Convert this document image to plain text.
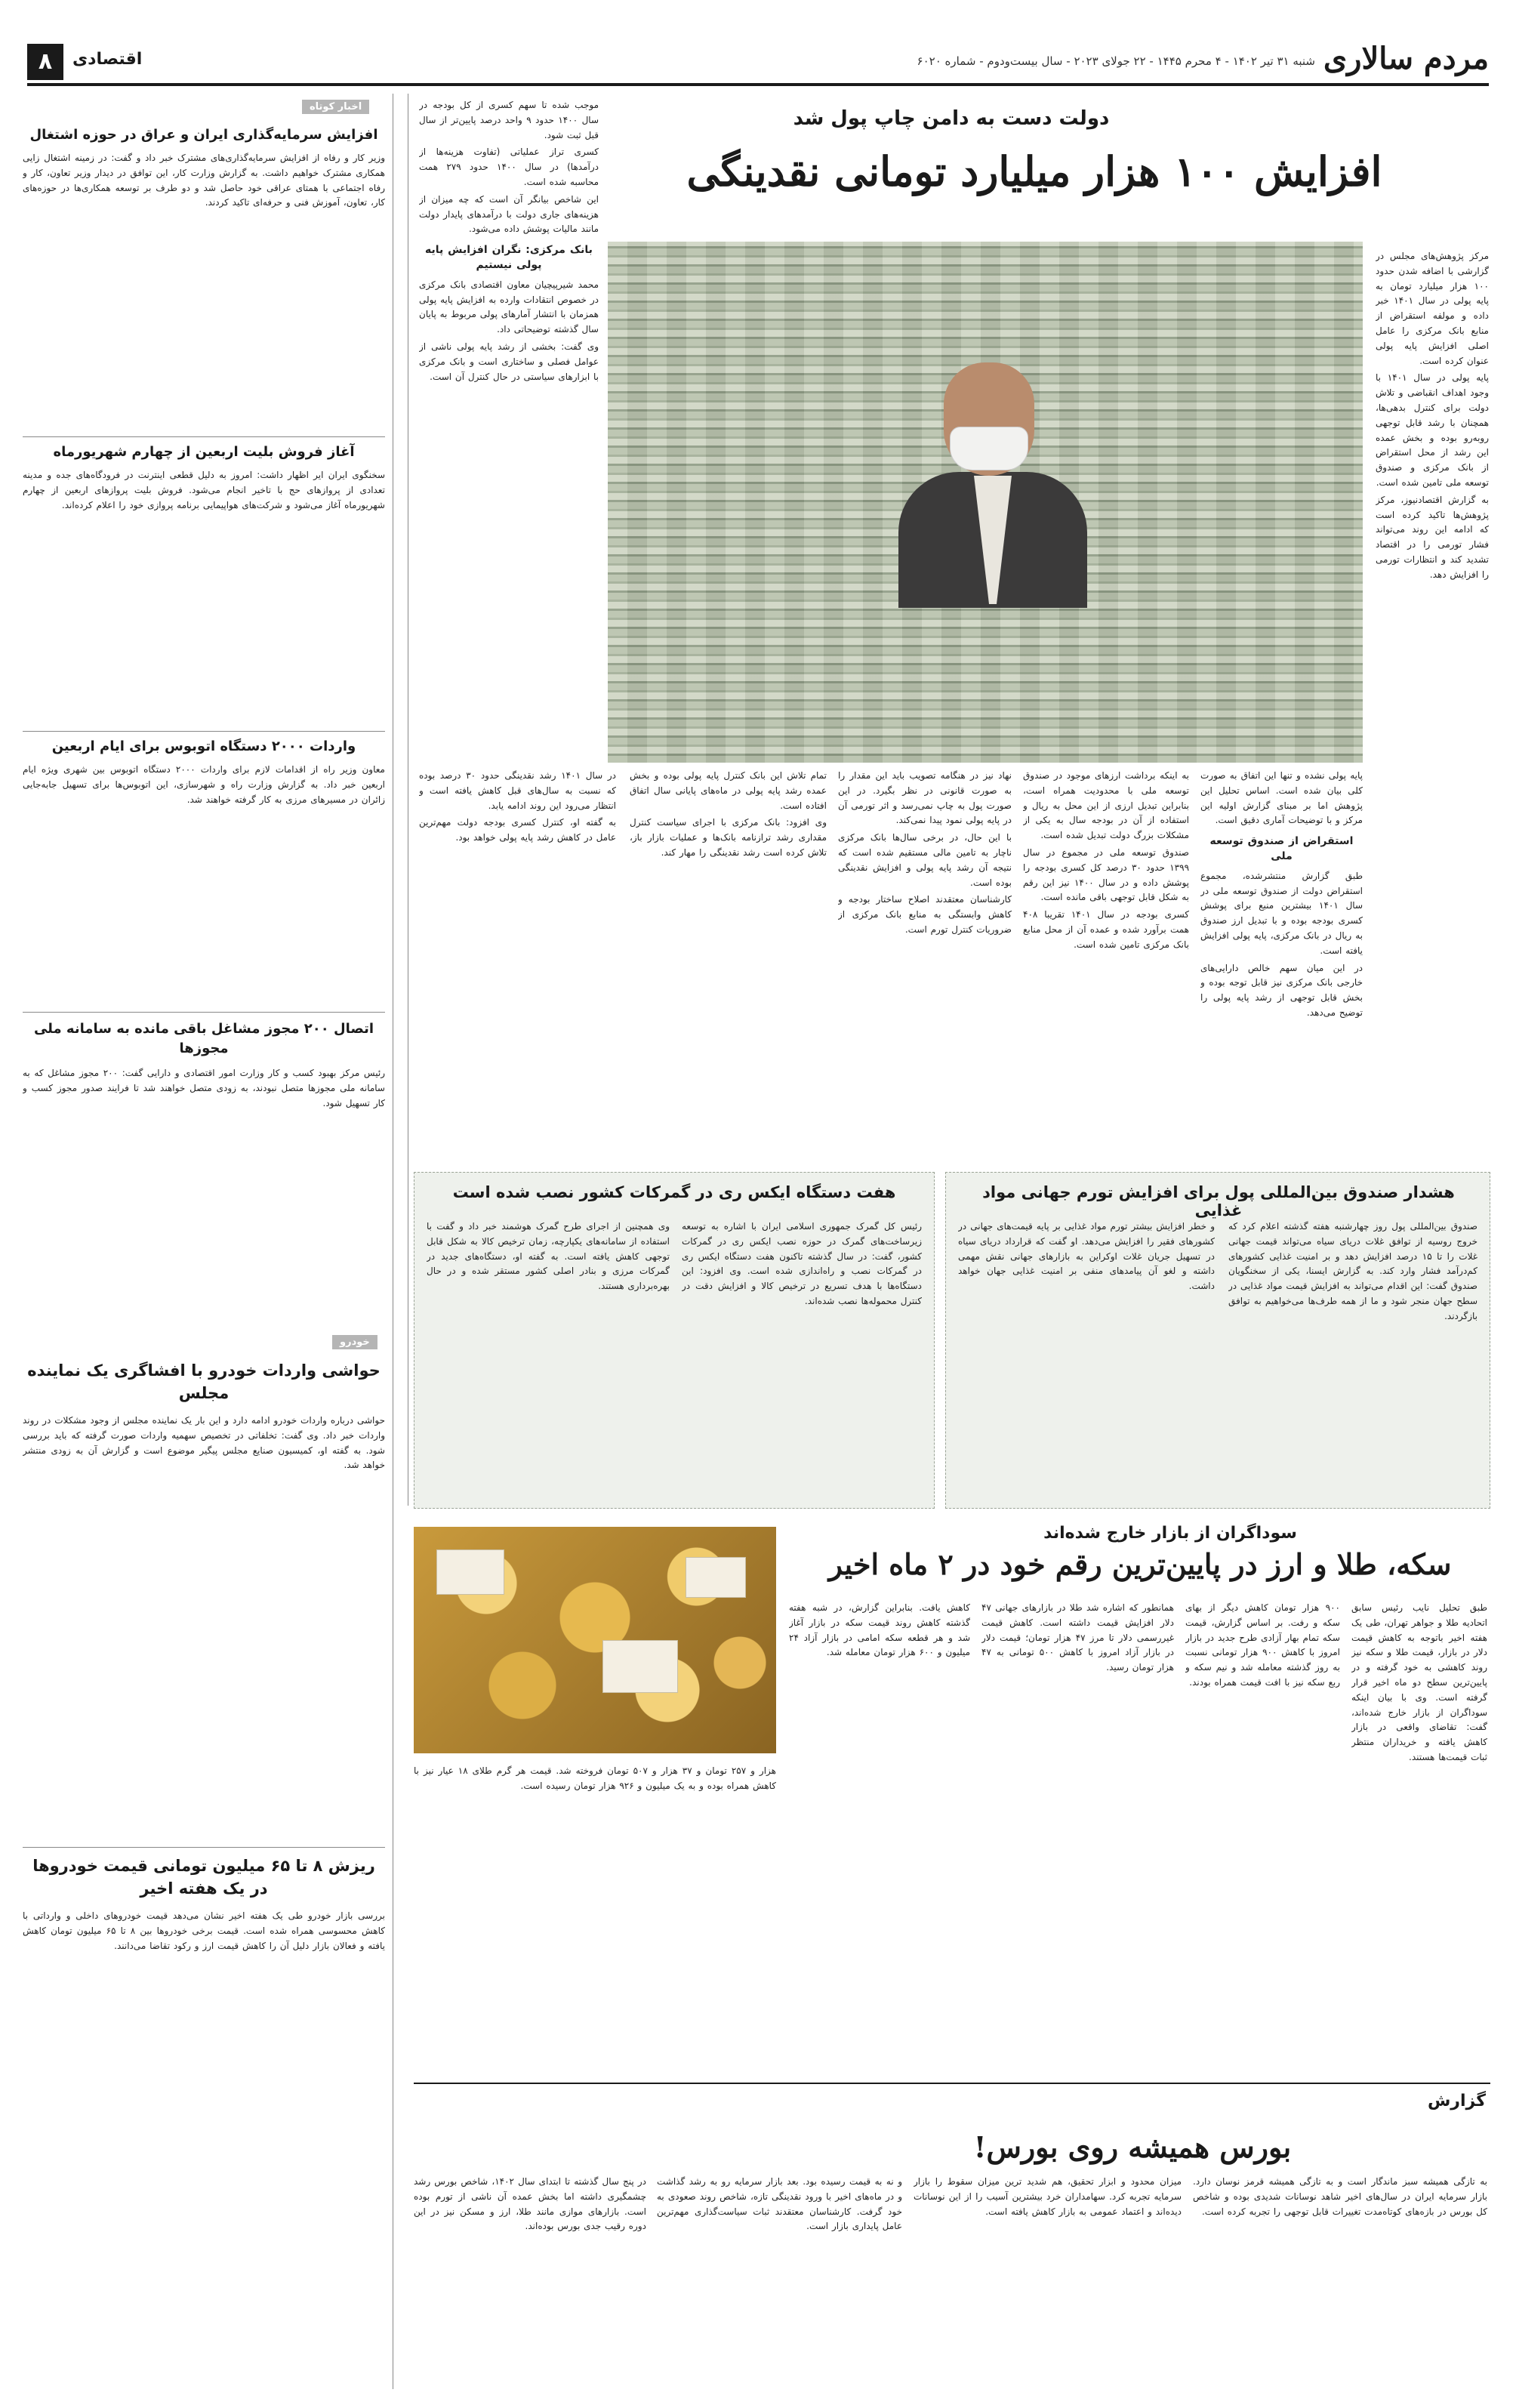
مردم سالاری
شنبه ۳۱ تیر ۱۴۰۲ - ۴ محرم ۱۴۴۵ - ۲۲ جولای ۲۰۲۳ - سال بیست‌ودوم - شماره ۶۰۲۰
اقتصادی
۸
دولت دست به دامن چاپ پول شد
افزایش ۱۰۰ هزار میلیارد تومانی نقدینگی

مرکز پژوهش‌های مجلس در گزارشی با اضافه شدن حدود ۱۰۰ هزار میلیارد تومان به پایه پولی در سال ۱۴۰۱ خبر داده و مولفه استقراض از منابع بانک مرکزی را عامل اصلی افزایش پایه پولی عنوان کرده است.

پایه پولی در سال ۱۴۰۱ با وجود اهداف انقباضی و تلاش دولت برای کنترل بدهی‌ها، همچنان با رشد قابل توجهی روبه‌رو بوده و بخش عمده این رشد از محل استقراض از بانک مرکزی و صندوق توسعه ملی تامین شده است.

به گزارش اقتصادنیوز، مرکز پژوهش‌ها تاکید کرده است که ادامه این روند می‌تواند فشار تورمی را در اقتصاد تشدید کند و انتظارات تورمی را افزایش دهد.

پایه پولی نشده و تنها این اتفاق به صورت کلی بیان شده است. اساس تحلیل این پژوهش اما بر مبنای گزارش اولیه این مرکز و با توضیحات آماری دقیق است.

استقراض از صندوق توسعه ملی

طبق گزارش منتشرشده، مجموع استقراض دولت از صندوق توسعه ملی در سال ۱۴۰۱ بیشترین منبع برای پوشش کسری بودجه بوده و با تبدیل ارز صندوق به ریال در بانک مرکزی، پایه پولی افزایش یافته است.

در این میان سهم خالص دارایی‌های خارجی بانک مرکزی نیز قابل توجه بوده و بخش قابل توجهی از رشد پایه پولی را توضیح می‌دهد.

به اینکه برداشت ارزهای موجود در صندوق توسعه ملی با محدودیت همراه است، بنابراین تبدیل ارزی از این محل به ریال و استفاده از آن در بودجه سال به یکی از مشکلات بزرگ دولت تبدیل شده است.

صندوق توسعه ملی در مجموع در سال ۱۳۹۹ حدود ۳۰ درصد کل کسری بودجه را پوشش داده و در سال ۱۴۰۰ نیز این رقم به شکل قابل توجهی باقی مانده است.

کسری بودجه در سال ۱۴۰۱ تقریبا ۴۰۸ همت برآورد شده و عمده آن از محل منابع بانک مرکزی تامین شده است.

نهاد نیز در هنگامه تصویب باید این مقدار را به صورت قانونی در نظر بگیرد. در این صورت پول به چاپ نمی‌رسد و اثر تورمی آن در پایه پولی نمود پیدا نمی‌کند.

با این حال، در برخی سال‌ها بانک مرکزی ناچار به تامین مالی مستقیم شده است که نتیجه آن رشد پایه پولی و افزایش نقدینگی بوده است.

کارشناسان معتقدند اصلاح ساختار بودجه و کاهش وابستگی به منابع بانک مرکزی از ضروریات کنترل تورم است.

موجب شده تا سهم کسری از کل بودجه در سال ۱۴۰۰ حدود ۹ واحد درصد پایین‌تر از سال قبل ثبت شود.

کسری تراز عملیاتی (تفاوت هزینه‌ها از درآمدها) در سال ۱۴۰۰ حدود ۲۷۹ همت محاسبه شده است.

این شاخص بیانگر آن است که چه میزان از هزینه‌های جاری دولت با درآمدهای پایدار دولت مانند مالیات پوشش داده می‌شود.

بانک مرکزی: نگران افزایش پایه پولی نیستیم

محمد شیرپیچیان معاون اقتصادی بانک مرکزی در خصوص انتقادات وارده به افزایش پایه پولی همزمان با انتشار آمارهای پولی مربوط به پایان سال گذشته توضیحاتی داد.

وی گفت: بخشی از رشد پایه پولی ناشی از عوامل فصلی و ساختاری است و بانک مرکزی با ابزارهای سیاستی در حال کنترل آن است.

تمام تلاش این بانک کنترل پایه پولی بوده و بخش عمده رشد پایه پولی در ماه‌های پایانی سال اتفاق افتاده است.

وی افزود: بانک مرکزی با اجرای سیاست کنترل مقداری رشد ترازنامه بانک‌ها و عملیات بازار باز، تلاش کرده است رشد نقدینگی را مهار کند.

در سال ۱۴۰۱ رشد نقدینگی حدود ۳۰ درصد بوده که نسبت به سال‌های قبل کاهش یافته است و انتظار می‌رود این روند ادامه یابد.

به گفته او، کنترل کسری بودجه دولت مهم‌ترین عامل در کاهش رشد پایه پولی خواهد بود.

هشدار صندوق بین‌المللی پول برای افزایش تورم جهانی مواد غذایی
صندوق بین‌المللی پول روز چهارشنبه هفته گذشته اعلام کرد که خروج روسیه از توافق غلات دریای سیاه می‌تواند قیمت جهانی غلات را تا ۱۵ درصد افزایش دهد و بر امنیت غذایی کشورهای کم‌درآمد فشار وارد کند. به گزارش ایسنا، یکی از سخنگویان صندوق گفت: این اقدام می‌تواند به افزایش قیمت مواد غذایی در سطح جهان منجر شود و ما از همه طرف‌ها می‌خواهیم به توافق بازگردند.
و خطر افزایش بیشتر تورم مواد غذایی بر پایه قیمت‌های جهانی در کشورهای فقیر را افزایش می‌دهد. او گفت که قرارداد دریای سیاه در تسهیل جریان غلات اوکراین به بازارهای جهانی نقش مهمی داشته و لغو آن پیامدهای منفی بر امنیت غذایی جهان خواهد داشت.
هفت دستگاه ایکس ری در گمرکات کشور نصب شده است
رئیس کل گمرک جمهوری اسلامی ایران با اشاره به توسعه زیرساخت‌های گمرک در حوزه نصب ایکس ری در گمرکات کشور، گفت: در سال گذشته تاکنون هفت دستگاه ایکس ری در گمرکات نصب و راه‌اندازی شده است. وی افزود: این دستگاه‌ها با هدف تسریع در ترخیص کالا و افزایش دقت در کنترل محموله‌ها نصب شده‌اند.
وی همچنین از اجرای طرح گمرک هوشمند خبر داد و گفت با استفاده از سامانه‌های یکپارچه، زمان ترخیص کالا به شکل قابل توجهی کاهش یافته است. به گفته او، دستگاه‌های جدید در گمرکات مرزی و بنادر اصلی کشور مستقر شده و در حال بهره‌برداری هستند.
سوداگران از بازار خارج شده‌اند
سکه، طلا و ارز در پایین‌ترین رقم خود در ۲ ماه اخیر
طبق تحلیل نایب رئیس سابق اتحادیه طلا و جواهر تهران، طی یک هفته اخیر باتوجه به کاهش قیمت دلار در بازار، قیمت طلا و سکه نیز روند کاهشی به خود گرفته و در پایین‌ترین سطح دو ماه اخیر قرار گرفته است. وی با بیان اینکه سوداگران از بازار خارج شده‌اند، گفت: تقاضای واقعی در بازار کاهش یافته و خریداران منتظر ثبات قیمت‌ها هستند.
۹۰۰ هزار تومان کاهش دیگر از بهای سکه و رفت. بر اساس گزارش، قیمت سکه تمام بهار آزادی طرح جدید در بازار امروز با کاهش ۹۰۰ هزار تومانی نسبت به روز گذشته معامله شد و نیم سکه و ربع سکه نیز با افت قیمت همراه بودند.
همانطور که اشاره شد طلا در بازارهای جهانی ۴۷ دلار افزایش قیمت داشته است. کاهش قیمت غیررسمی دلار تا مرز ۴۷ هزار تومان؛ قیمت دلار در بازار آزاد امروز با کاهش ۵۰۰ تومانی به ۴۷ هزار تومان رسید.
کاهش یافت. بنابراین گزارش، در شبه هفته گذشته کاهش روند قیمت سکه در بازار آغاز شد و هر قطعه سکه امامی در بازار آزاد ۲۴ میلیون و ۶۰۰ هزار تومان معامله شد.
هزار و ۲۵۷ تومان و ۳۷ هزار و ۵۰۷ تومان فروخته شد. قیمت هر گرم طلای ۱۸ عیار نیز با کاهش همراه بوده و به یک میلیون و ۹۲۶ هزار تومان رسیده است.
گزارش
بورس همیشه روی بورس!
به تازگی همیشه سبز ماندگار است و به تازگی همیشه قرمز نوسان دارد. بازار سرمایه ایران در سال‌های اخیر شاهد نوسانات شدیدی بوده و شاخص کل بورس در بازه‌های کوتاه‌مدت تغییرات قابل توجهی را تجربه کرده است.
میزان محدود و ابزار تحقیق، هم شدید ترین میزان سقوط را بازار سرمایه تجربه کرد. سهامداران خرد بیشترین آسیب را از این نوسانات دیده‌اند و اعتماد عمومی به بازار کاهش یافته است.
و نه به قیمت رسیده بود. بعد بازار سرمایه رو به رشد گذاشت و در ماه‌های اخیر با ورود نقدینگی تازه، شاخص روند صعودی به خود گرفت. کارشناسان معتقدند ثبات سیاست‌گذاری مهم‌ترین عامل پایداری بازار است.
در پنج سال گذشته تا ابتدای سال ۱۴۰۲، شاخص بورس رشد چشمگیری داشته اما بخش عمده آن ناشی از تورم بوده است. بازارهای موازی مانند طلا، ارز و مسکن نیز در این دوره رقیب جدی بورس بوده‌اند.
اخبار کوتاه
افزایش سرمایه‌گذاری ایران و عراق در حوزه اشتغال
وزیر کار و رفاه از افزایش سرمایه‌گذاری‌های مشترک خبر داد و گفت: در زمینه اشتغال زایی همکاری مشترک خواهیم داشت. به گزارش وزارت کار، این توافق در دیدار وزیر تعاون، کار و رفاه اجتماعی با همتای عراقی خود حاصل شد و دو طرف بر توسعه همکاری‌ها در حوزه‌های کار، تعاون، آموزش فنی و حرفه‌ای تاکید کردند.
آغاز فروش بلیت اربعین از چهارم شهریورماه
سخنگوی ایران ایر اظهار داشت: امروز به دلیل قطعی اینترنت در فرودگاه‌های جده و مدینه تعدادی از پروازهای حج با تاخیر انجام می‌شود. فروش بلیت پروازهای اربعین از چهارم شهریورماه آغاز می‌شود و شرکت‌های هواپیمایی برنامه پروازی خود را اعلام کرده‌اند.
واردات ۲۰۰۰ دستگاه اتوبوس برای ایام اربعین
معاون وزیر راه از اقدامات لازم برای واردات ۲۰۰۰ دستگاه اتوبوس بین شهری ویژه ایام اربعین خبر داد. به گزارش وزارت راه و شهرسازی، این اتوبوس‌ها برای تسهیل جابه‌جایی زائران در مسیرهای مرزی به کار گرفته خواهند شد.
اتصال ۲۰۰ مجوز مشاغل باقی مانده به سامانه ملی مجوزها
رئیس مرکز بهبود کسب و کار وزارت امور اقتصادی و دارایی گفت: ۲۰۰ مجوز مشاغل که به سامانه ملی مجوزها متصل نبودند، به زودی متصل خواهند شد تا فرایند صدور مجوز کسب و کار تسهیل شود.
خودرو
حواشی واردات خودرو با افشاگری یک نماینده مجلس
حواشی درباره واردات خودرو ادامه دارد و این بار یک نماینده مجلس از وجود مشکلات در روند واردات خبر داد. وی گفت: تخلفاتی در تخصیص سهمیه واردات صورت گرفته که باید بررسی شود. به گفته او، کمیسیون صنایع مجلس پیگیر موضوع است و گزارش آن به زودی منتشر خواهد شد.
ریزش ۸ تا ۶۵ میلیون تومانی قیمت خودروها در یک هفته اخیر
بررسی بازار خودرو طی یک هفته اخیر نشان می‌دهد قیمت خودروهای داخلی و وارداتی با کاهش محسوسی همراه شده است. قیمت برخی خودروها بین ۸ تا ۶۵ میلیون تومان کاهش یافته و فعالان بازار دلیل آن را کاهش قیمت ارز و رکود تقاضا می‌دانند.
